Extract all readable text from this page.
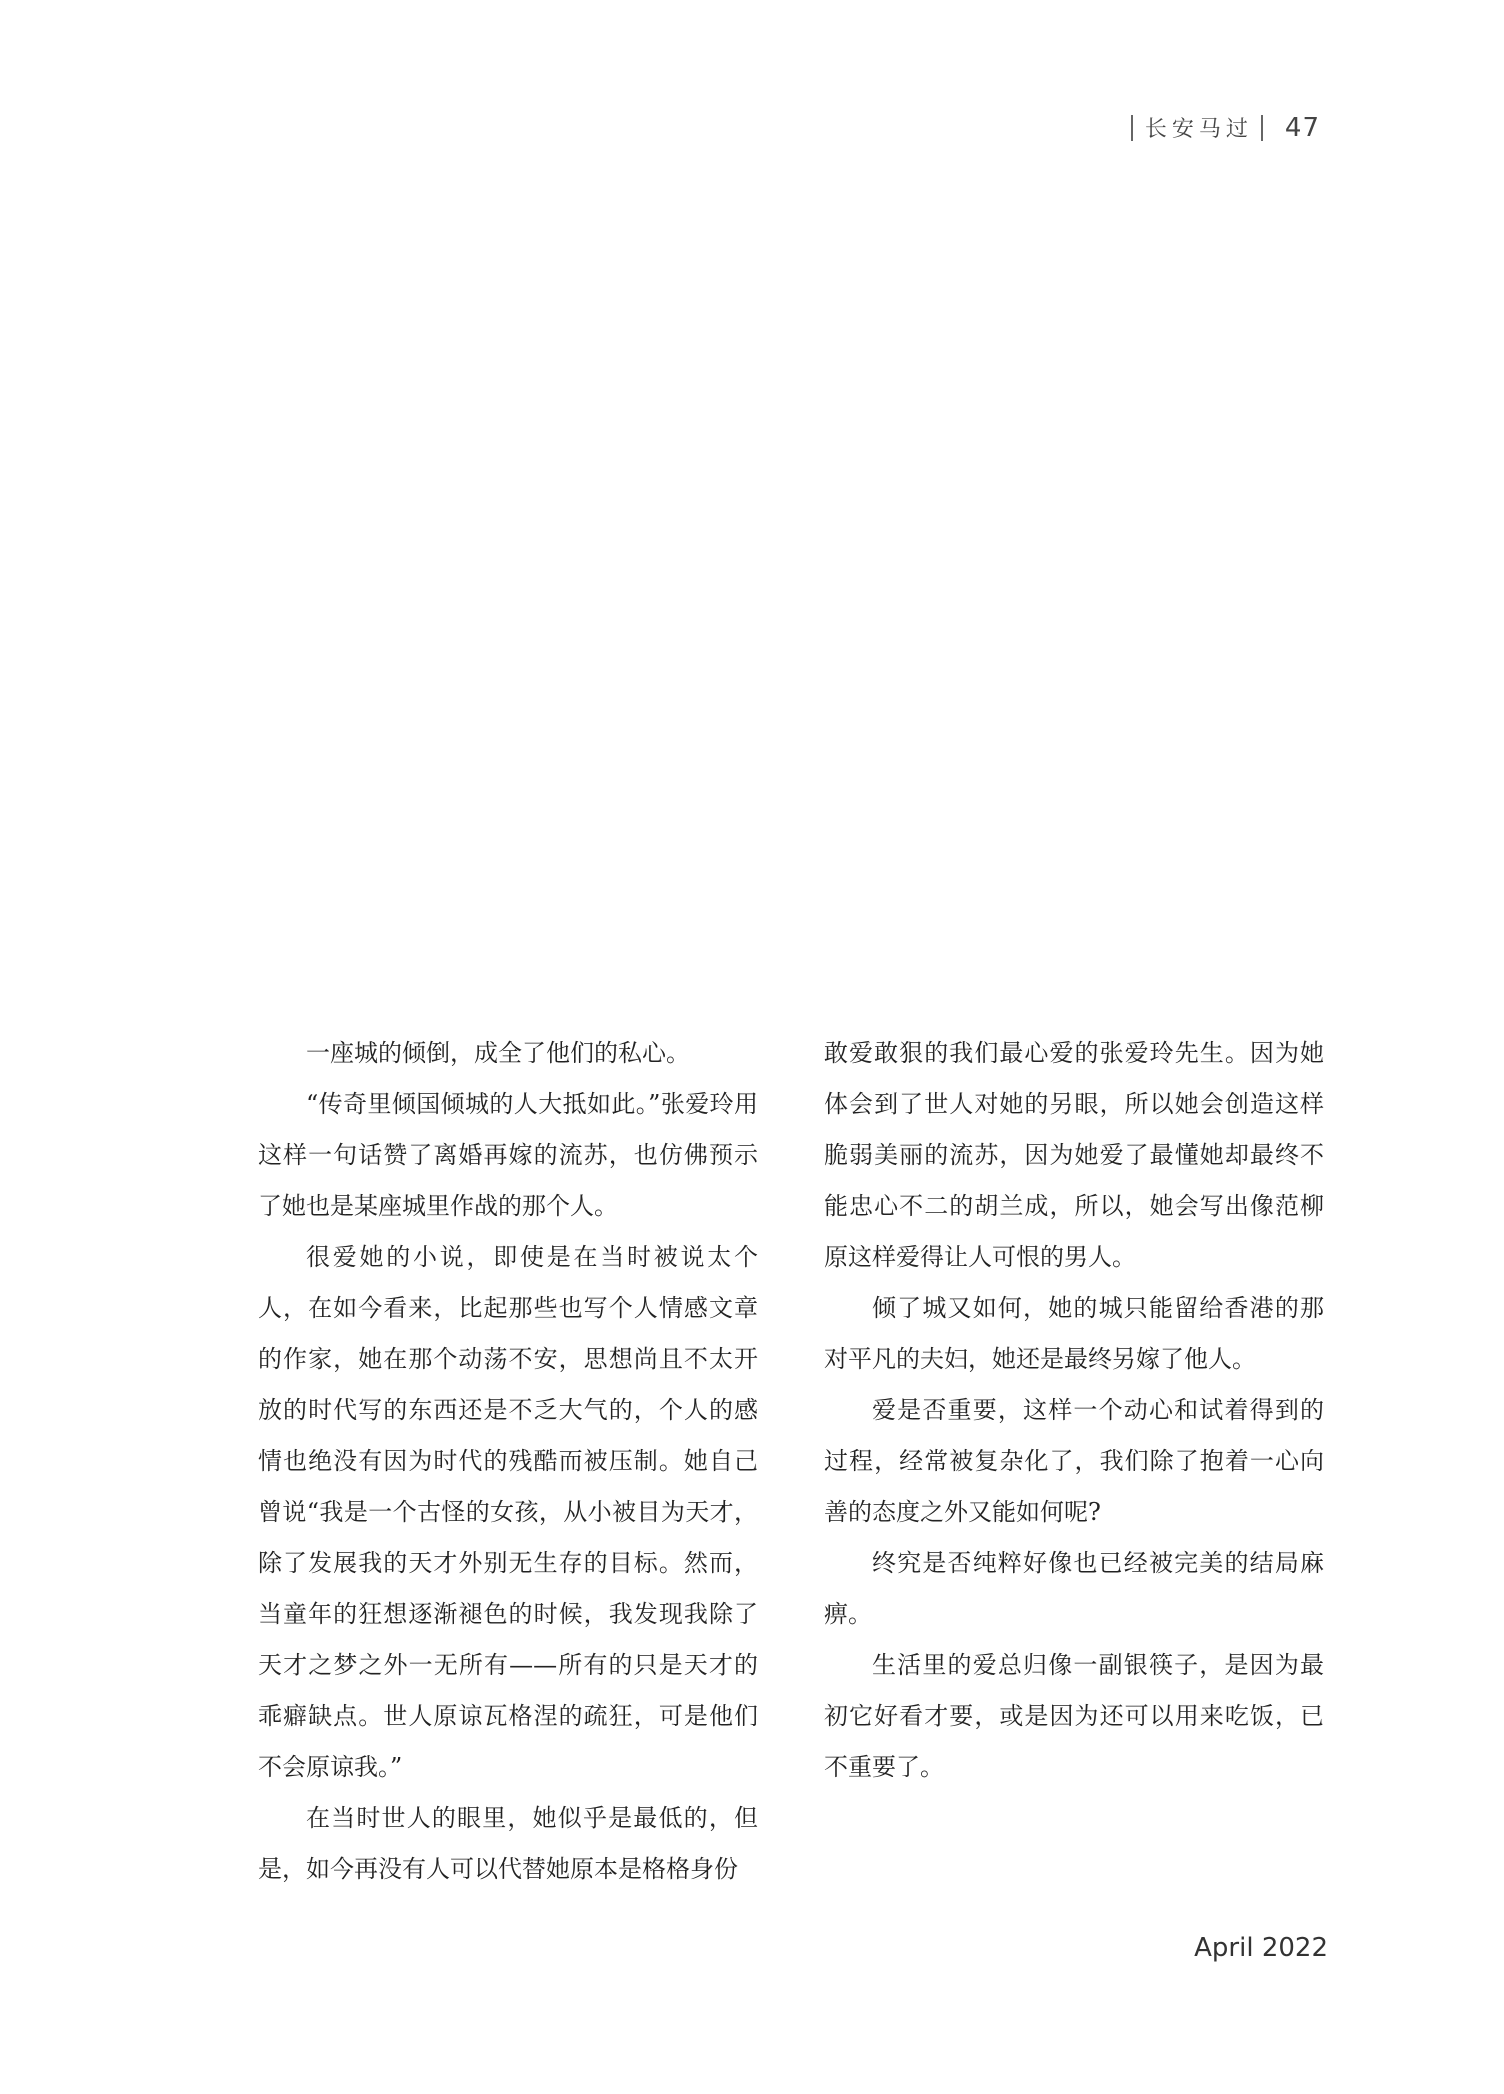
长安马过	47

一座城的倾倒，成全了他们的私心。

“传奇里倾国倾城的人大抵如此。”张爱玲用这样一句话赞了离婚再嫁的流苏，也仿佛预示了她也是某座城里作战的那个人。

很爱她的小说，即使是在当时被说太个人，在如今看来，比起那些也写个人情感文章的作家，她在那个动荡不安，思想尚且不太开放的时代写的东西还是不乏大气的，个人的感情也绝没有因为时代的残酷而被压制。她自己曾说“我是一个古怪的女孩，从小被目为天才，除了发展我的天才外别无生存的目标。然而，当童年的狂想逐渐褪色的时候，我发现我除了天才之梦之外一无所有——所有的只是天才的乖癖缺点。世人原谅瓦格涅的疏狂，可是他们不会原谅我。”

在当时世人的眼里，她似乎是最低的，但是，如今再没有人可以代替她原本是格格身份

敢爱敢狠的我们最心爱的张爱玲先生。因为她体会到了世人对她的另眼，所以她会创造这样脆弱美丽的流苏，因为她爱了最懂她却最终不能忠心不二的胡兰成，所以，她会写出像范柳原这样爱得让人可恨的男人。

倾了城又如何，她的城只能留给香港的那对平凡的夫妇，她还是最终另嫁了他人。

爱是否重要，这样一个动心和试着得到的过程，经常被复杂化了，我们除了抱着一心向善的态度之外又能如何呢?

终究是否纯粹好像也已经被完美的结局麻痹。

生活里的爱总归像一副银筷子，是因为最初它好看才要，或是因为还可以用来吃饭，已不重要了。

April 2022
